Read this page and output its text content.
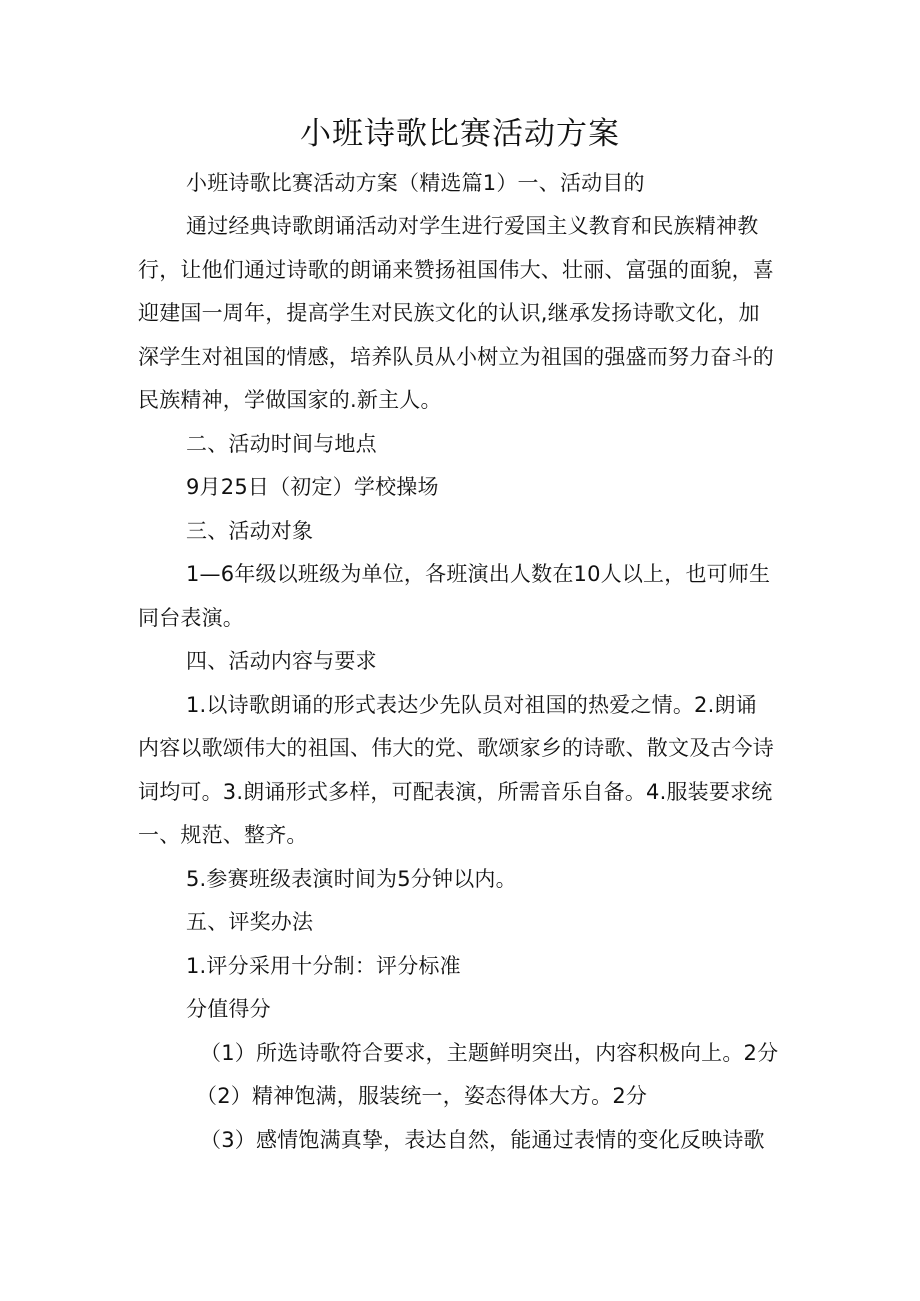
小班诗歌比赛活动方案
小班诗歌比赛活动方案（精选篇1）一、活动目的
通过经典诗歌朗诵活动对学生进行爱国主义教育和民族精神教
行，让他们通过诗歌的朗诵来赞扬祖国伟大、壮丽、富强的面貌，喜
迎建国一周年，提高学生对民族文化的认识,继承发扬诗歌文化，加
深学生对祖国的情感，培养队员从小树立为祖国的强盛而努力奋斗的
民族精神，学做国家的.新主人。
二、活动时间与地点
9月25日（初定）学校操场
三、活动对象
1—6年级以班级为单位，各班演出人数在10人以上，也可师生
同台表演。
四、活动内容与要求
1.以诗歌朗诵的形式表达少先队员对祖国的热爱之情。2.朗诵
内容以歌颂伟大的祖国、伟大的党、歌颂家乡的诗歌、散文及古今诗
词均可。3.朗诵形式多样，可配表演，所需音乐自备。4.服装要求统
一、规范、整齐。
5.参赛班级表演时间为5分钟以内。
五、评奖办法
1.评分采用十分制：评分标准
分值得分
（1）所选诗歌符合要求，主题鲜明突出，内容积极向上。2分
（2）精神饱满，服装统一，姿态得体大方。2分
（3）感情饱满真挚，表达自然，能通过表情的变化反映诗歌
